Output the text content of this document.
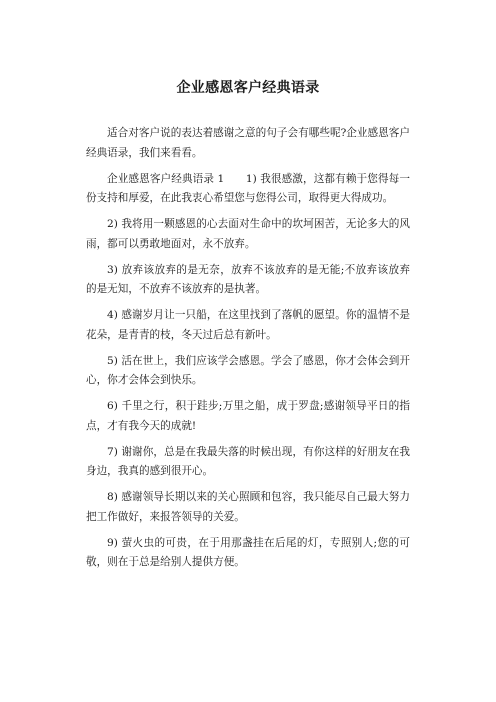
企业感恩客户经典语录

适合对客户说的表达着感谢之意的句子会有哪些呢?企业感恩客户经典语录，我们来看看。

企业感恩客户经典语录 1　　1) 我很感激，这都有赖于您得每一份支持和厚爱，在此我衷心希望您与您得公司，取得更大得成功。

2) 我将用一颗感恩的心去面对生命中的坎坷困苦，无论多大的风雨，都可以勇敢地面对，永不放弃。

3) 放弃该放弃的是无奈，放弃不该放弃的是无能;不放弃该放弃的是无知，不放弃不该放弃的是执著。

4) 感谢岁月让一只船，在这里找到了落帆的愿望。你的温情不是花朵，是青青的枝，冬天过后总有新叶。

5) 活在世上，我们应该学会感恩。学会了感恩，你才会体会到开心，你才会体会到快乐。

6) 千里之行，积于跬步;万里之船，成于罗盘;感谢领导平日的指点，才有我今天的成就!

7) 谢谢你，总是在我最失落的时候出现，有你这样的好朋友在我身边，我真的感到很开心。

8) 感谢领导长期以来的关心照顾和包容，我只能尽自己最大努力把工作做好，来报答领导的关爱。

9) 萤火虫的可贵，在于用那盏挂在后尾的灯，专照别人;您的可敬，则在于总是给别人提供方便。
